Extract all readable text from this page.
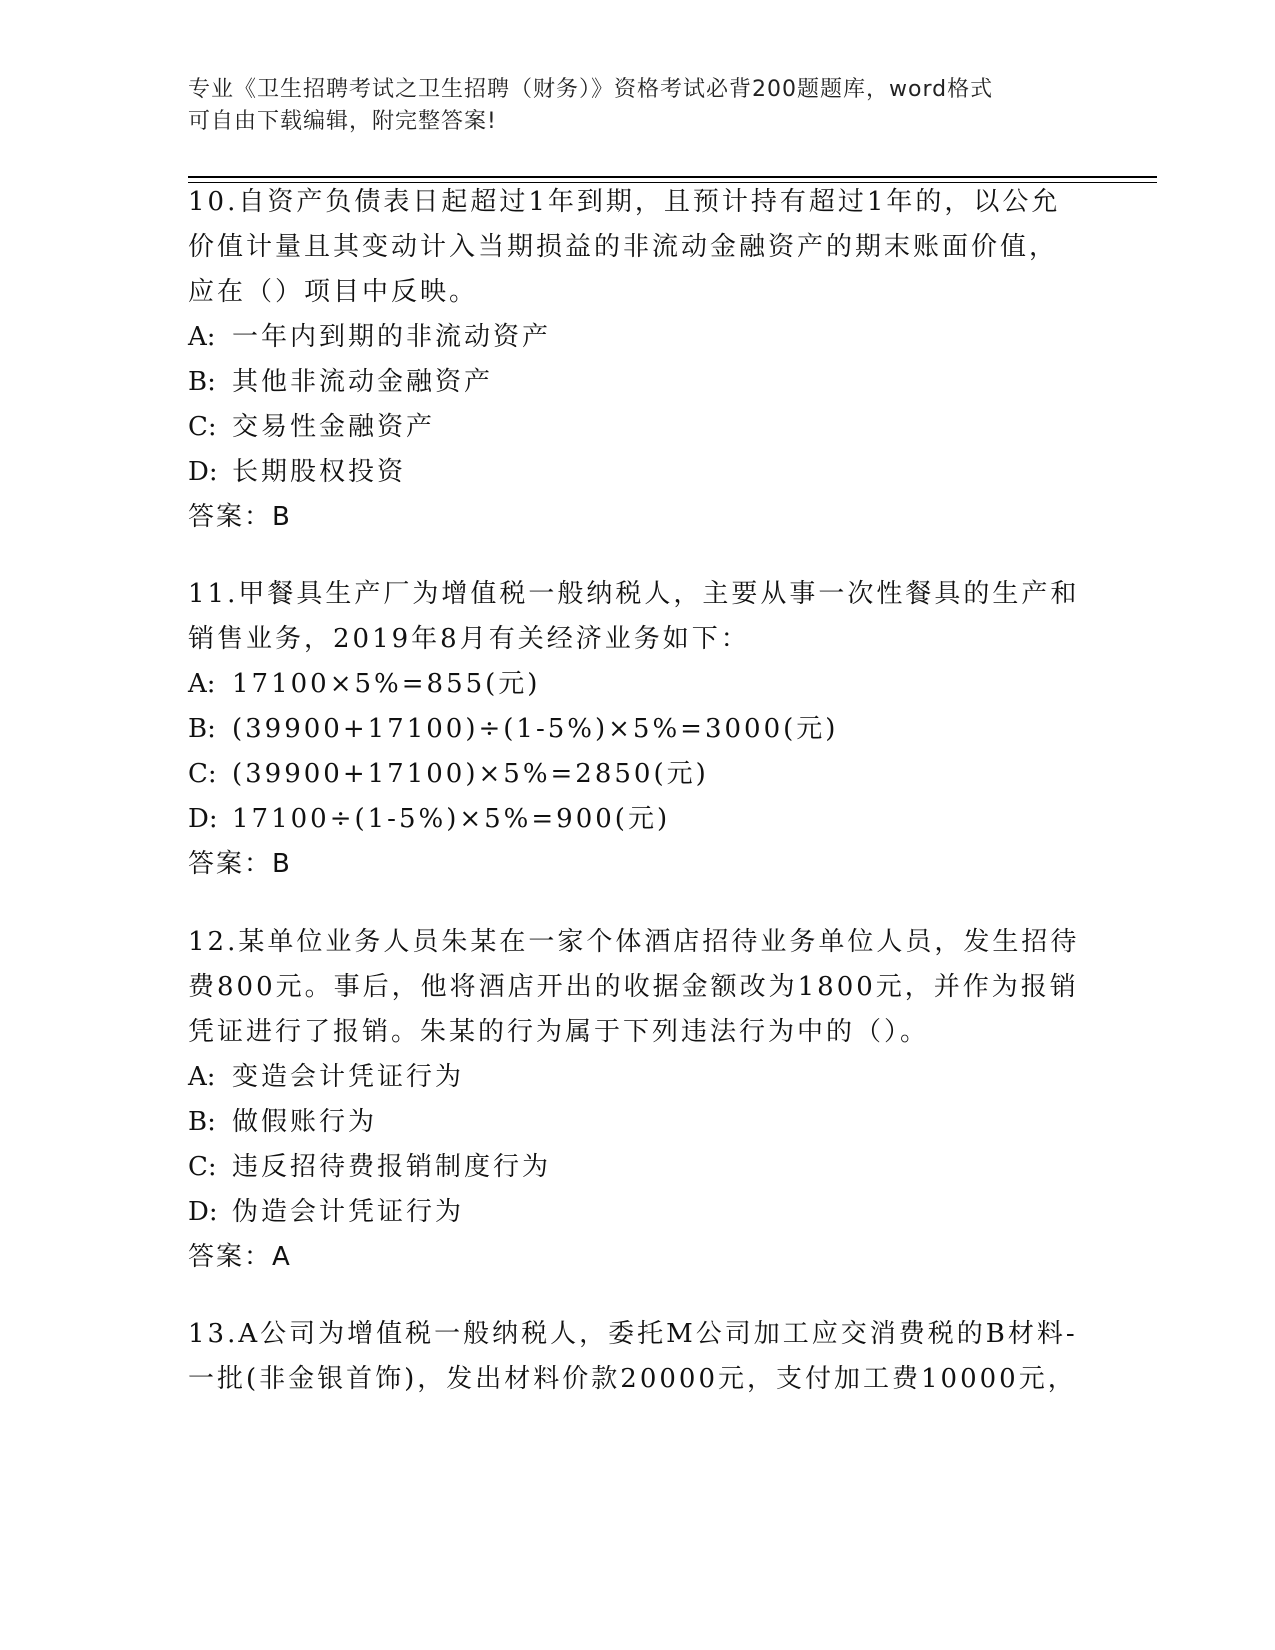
专业《卫生招聘考试之卫生招聘（财务）》资格考试必背200题题库，word格式
可自由下载编辑，附完整答案!
10.自资产负债表日起超过1年到期，且预计持有超过1年的，以公允
价值计量且其变动计入当期损益的非流动金融资产的期末账面价值，
应在（）项目中反映。
A: 一年内到期的非流动资产
B: 其他非流动金融资产
C: 交易性金融资产
D: 长期股权投资
答案：B
11.甲餐具生产厂为增值税一般纳税人，主要从事一次性餐具的生产和
销售业务，2019年8月有关经济业务如下：
A: 17100×5%=855(元)
B: (39900+17100)÷(1-5%)×5%=3000(元)
C: (39900+17100)×5%=2850(元)
D: 17100÷(1-5%)×5%=900(元)
答案：B
12.某单位业务人员朱某在一家个体酒店招待业务单位人员，发生招待
费800元。事后，他将酒店开出的收据金额改为1800元，并作为报销
凭证进行了报销。朱某的行为属于下列违法行为中的（）。
A: 变造会计凭证行为
B: 做假账行为
C: 违反招待费报销制度行为
D: 伪造会计凭证行为
答案：A
13.A公司为增值税一般纳税人，委托M公司加工应交消费税的B材料-
一批(非金银首饰)，发出材料价款20000元，支付加工费10000元，
